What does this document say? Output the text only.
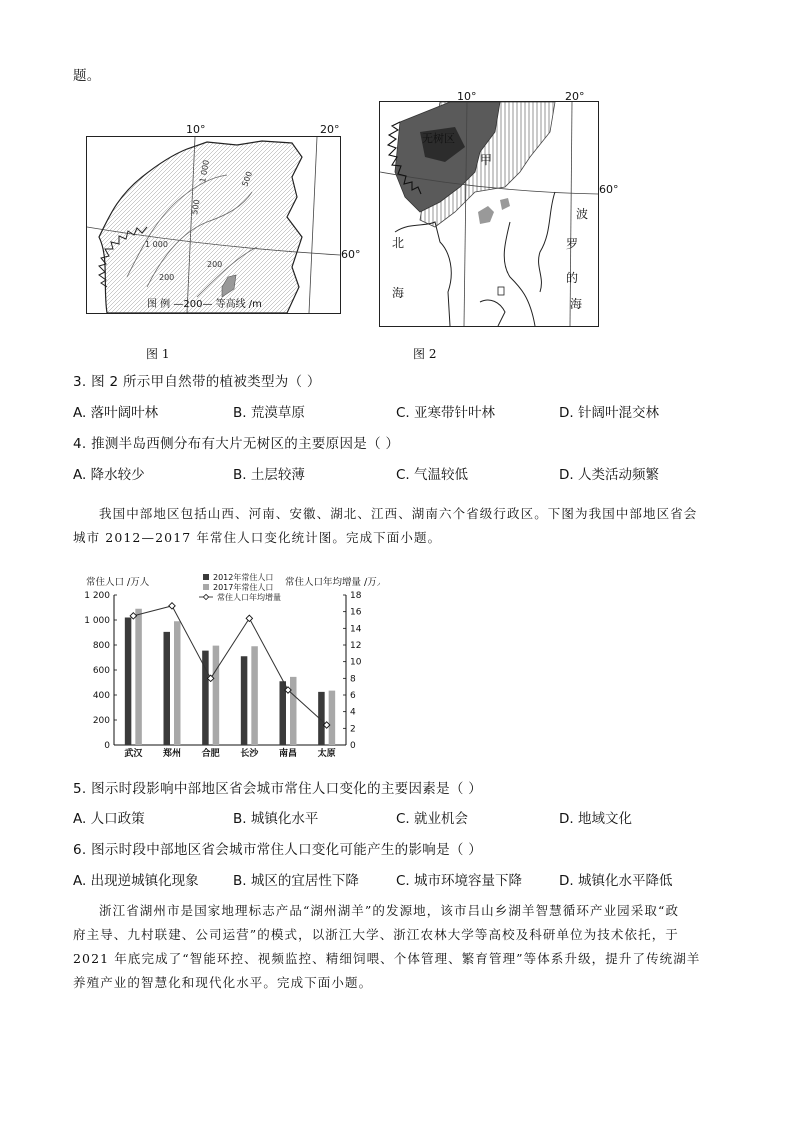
题。
1 000
1 000
500
500
200
200
图 例 —200— 等高线 /m
10°	20°
60°
图 1
无树区
甲
北
海
波
罗
的
海
10°	20°
60°
图 2
3. 图 2 所示甲自然带的植被类型为（ ）
A. 落叶阔叶林	B. 荒漠草原	C. 亚寒带针叶林	D. 针阔叶混交林
4. 推测半岛西侧分布有大片无树区的主要原因是（ ）
A. 降水较少	B. 土层较薄	C. 气温较低	D. 人类活动频繁
我国中部地区包括山西、河南、安徽、湖北、江西、湖南六个省级行政区。下图为我国中部地区省会
城市 2012—2017 年常住人口变化统计图。完成下面小题。
常住人口 /万人	常住人口年均增量 /万人
0
200
400
600
800
1 000
1 200
0
2
4
6
8
10
12
14
16
18
武汉 郑州 合肥 长沙 南昌 太原
2012年常住人口
2017年常住人口
常住人口年均增量
5. 图示时段影响中部地区省会城市常住人口变化的主要因素是（ ）
A. 人口政策	B. 城镇化水平	C. 就业机会	D. 地域文化
6. 图示时段中部地区省会城市常住人口变化可能产生的影响是（ ）
A. 出现逆城镇化现象	B. 城区的宜居性下降	C. 城市环境容量下降	D. 城镇化水平降低
浙江省湖州市是国家地理标志产品“湖州湖羊”的发源地，该市吕山乡湖羊智慧循环产业园采取“政
府主导、九村联建、公司运营”的模式，以浙江大学、浙江农林大学等高校及科研单位为技术依托，于
2021 年底完成了“智能环控、视频监控、精细饲喂、个体管理、繁育管理”等体系升级，提升了传统湖羊
养殖产业的智慧化和现代化水平。完成下面小题。
